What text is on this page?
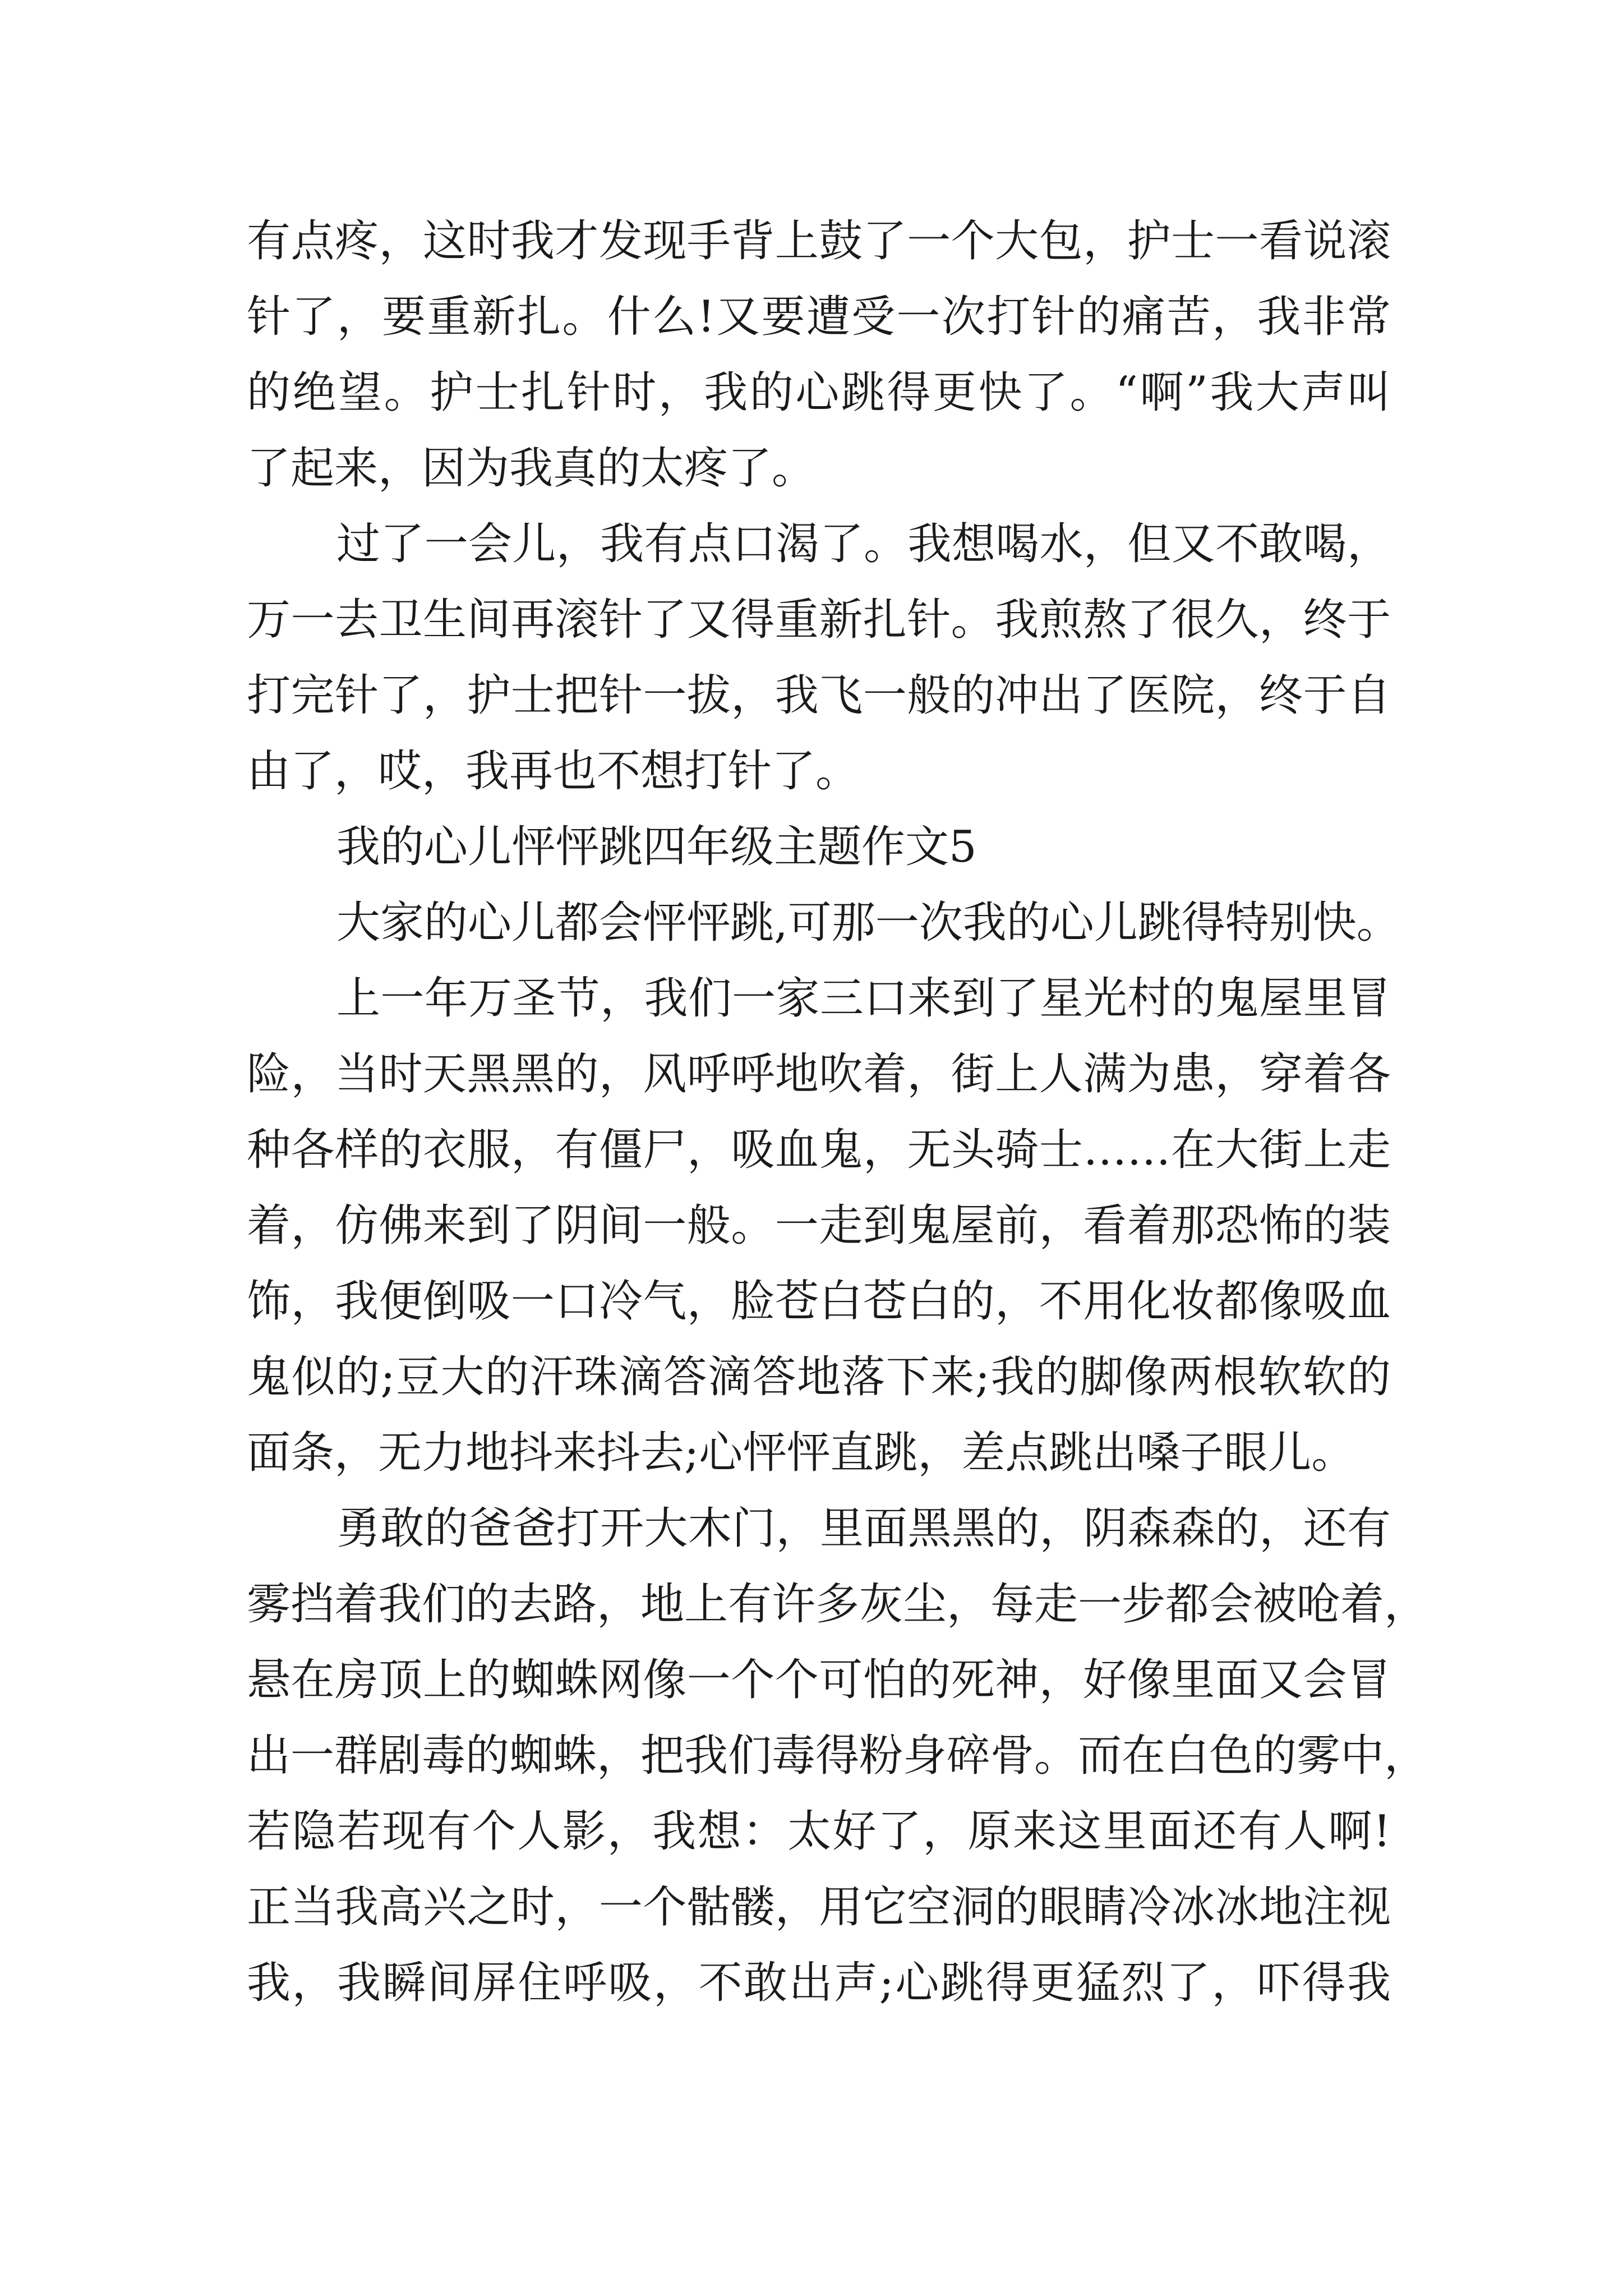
有点疼，这时我才发现手背上鼓了一个大包，护士一看说滚
针了，要重新扎。什么!又要遭受一次打针的痛苦，我非常
的绝望。护士扎针时，我的心跳得更快了。“啊”我大声叫
了起来，因为我真的太疼了。
过了一会儿，我有点口渴了。我想喝水，但又不敢喝，
万一去卫生间再滚针了又得重新扎针。我煎熬了很久，终于
打完针了，护士把针一拔，我飞一般的冲出了医院，终于自
由了，哎，我再也不想打针了。
我的心儿怦怦跳四年级主题作文5
大家的心儿都会怦怦跳,可那一次我的心儿跳得特别快。
上一年万圣节，我们一家三口来到了星光村的鬼屋里冒
险，当时天黑黑的，风呼呼地吹着，街上人满为患，穿着各
种各样的衣服，有僵尸，吸血鬼，无头骑士……在大街上走
着，仿佛来到了阴间一般。一走到鬼屋前，看着那恐怖的装
饰，我便倒吸一口冷气，脸苍白苍白的，不用化妆都像吸血
鬼似的;豆大的汗珠滴答滴答地落下来;我的脚像两根软软的
面条，无力地抖来抖去;心怦怦直跳，差点跳出嗓子眼儿。
勇敢的爸爸打开大木门，里面黑黑的，阴森森的，还有
雾挡着我们的去路，地上有许多灰尘，每走一步都会被呛着，
悬在房顶上的蜘蛛网像一个个可怕的死神，好像里面又会冒
出一群剧毒的蜘蛛，把我们毒得粉身碎骨。而在白色的雾中，
若隐若现有个人影，我想：太好了，原来这里面还有人啊!
正当我高兴之时，一个骷髅，用它空洞的眼睛冷冰冰地注视
我，我瞬间屏住呼吸，不敢出声;心跳得更猛烈了，吓得我
